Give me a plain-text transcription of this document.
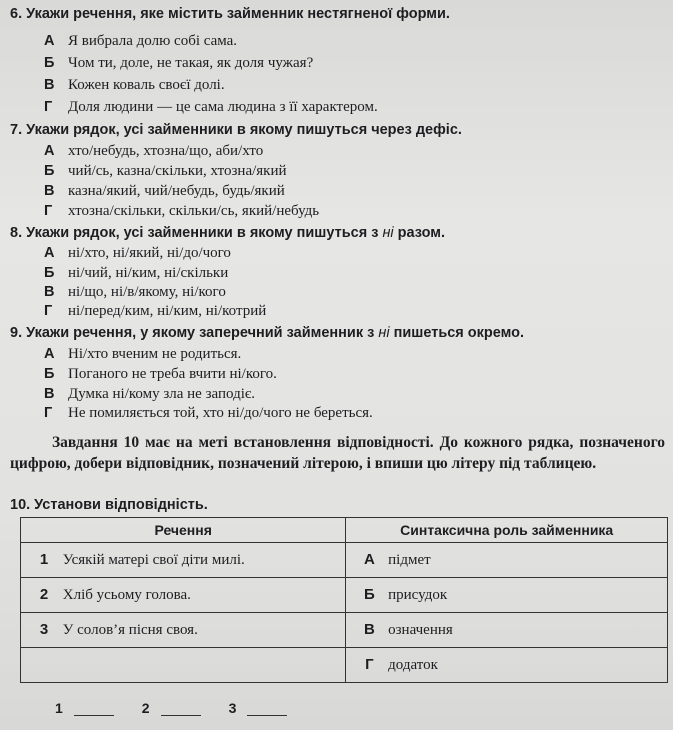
6. Укажи речення, яке містить займенник нестягненої форми.
А Я вибрала долю собі сама.
Б Чом ти, доле, не такая, як доля чужая?
В Кожен коваль своєї долі.
Г Доля людини — це сама людина з її характером.
7. Укажи рядок, усі займенники в якому пишуться через дефіс.
А хто/небудь, хтозна/що, аби/хто
Б чий/сь, казна/скільки, хтозна/який
В казна/який, чий/небудь, будь/який
Г хтозна/скільки, скільки/сь, який/небудь
8. Укажи рядок, усі займенники в якому пишуться з ні разом.
А ні/хто, ні/який, ні/до/чого
Б ні/чий, ні/ким, ні/скільки
В ні/що, ні/в/якому, ні/кого
Г ні/перед/ким, ні/ким, ні/котрий
9. Укажи речення, у якому заперечний займенник з ні пишеться окремо.
А Ні/хто вченим не родиться.
Б Поганого не треба вчити ні/кого.
В Думка ні/кому зла не заподіє.
Г Не помиляється той, хто ні/до/чого не береться.
Завдання 10 має на меті встановлення відповідності. До кожного рядка, позначеного цифрою, добери відповідник, позначений літерою, і впиши цю літеру під таблицею.
10. Установи відповідність.
Речення	Синтаксична роль займенника
1 Усякій матері свої діти милі.	А підмет
2 Хліб усьому голова.	Б присудок
3 У солов’я пісня своя.	В означення
	Г додаток
1	2	3
